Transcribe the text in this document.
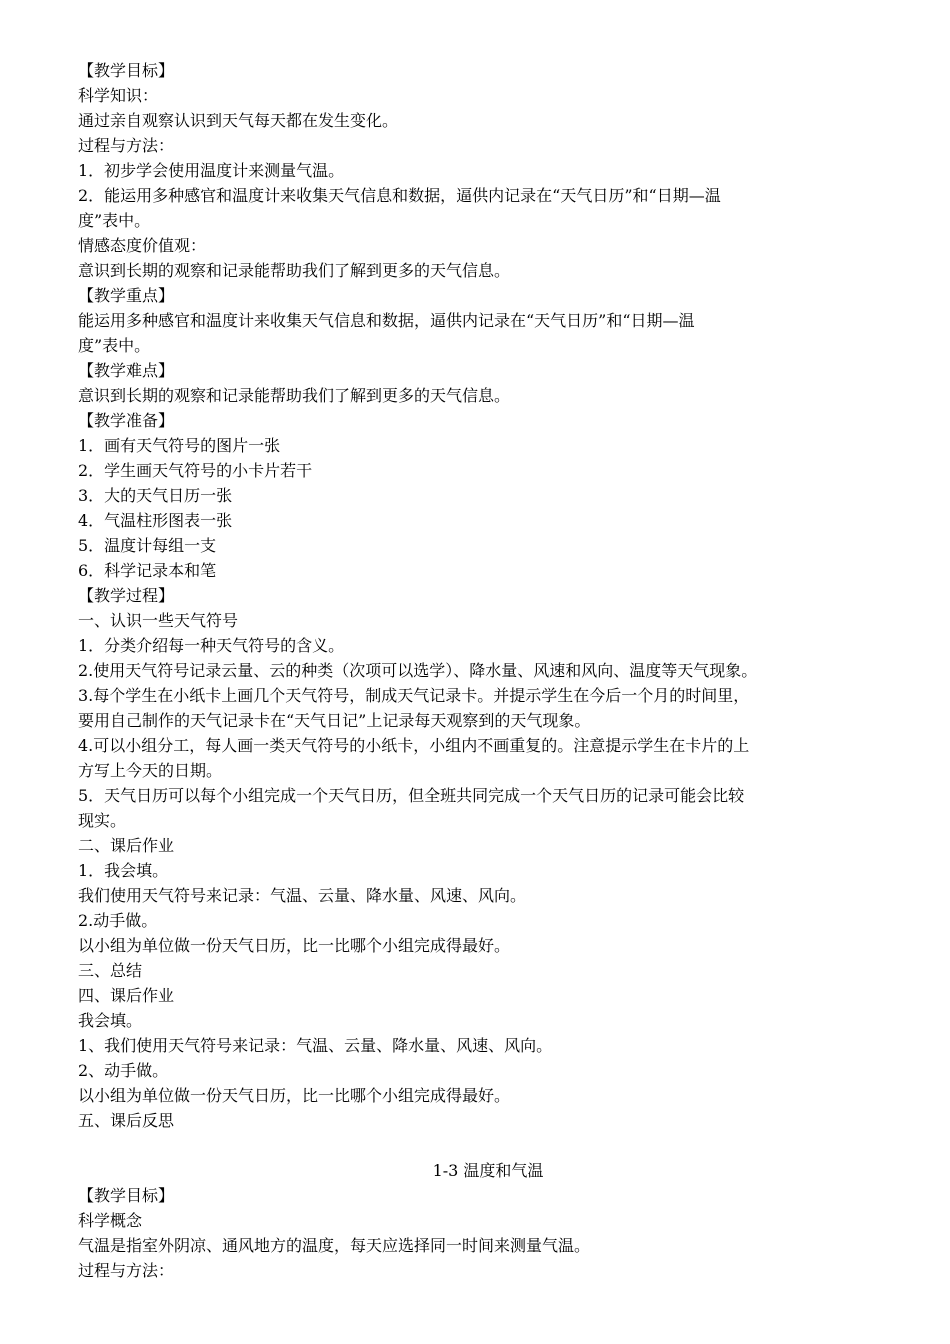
【教学目标】
科学知识：
通过亲自观察认识到天气每天都在发生变化。
过程与方法：
1．初步学会使用温度计来测量气温。
2．能运用多种感官和温度计来收集天气信息和数据，逼供内记录在“天气日历”和“日期—温
度”表中。
情感态度价值观：
意识到长期的观察和记录能帮助我们了解到更多的天气信息。
【教学重点】
能运用多种感官和温度计来收集天气信息和数据，逼供内记录在“天气日历”和“日期—温
度”表中。
【教学难点】
意识到长期的观察和记录能帮助我们了解到更多的天气信息。
【教学准备】
1．画有天气符号的图片一张
2．学生画天气符号的小卡片若干
3．大的天气日历一张
4．气温柱形图表一张
5．温度计每组一支
6．科学记录本和笔
【教学过程】
一、认识一些天气符号
1．分类介绍每一种天气符号的含义。
2.使用天气符号记录云量、云的种类（次项可以选学）、降水量、风速和风向、温度等天气现象。
3.每个学生在小纸卡上画几个天气符号，制成天气记录卡。并提示学生在今后一个月的时间里，
要用自己制作的天气记录卡在“天气日记”上记录每天观察到的天气现象。
4.可以小组分工，每人画一类天气符号的小纸卡，小组内不画重复的。注意提示学生在卡片的上
方写上今天的日期。
5．天气日历可以每个小组完成一个天气日历，但全班共同完成一个天气日历的记录可能会比较
现实。
二、课后作业
1．我会填。
我们使用天气符号来记录：气温、云量、降水量、风速、风向。
2.动手做。
以小组为单位做一份天气日历，比一比哪个小组完成得最好。
三、总结
四、课后作业
我会填。
1、我们使用天气符号来记录：气温、云量、降水量、风速、风向。
2、动手做。
以小组为单位做一份天气日历，比一比哪个小组完成得最好。
五、课后反思
1-3 温度和气温
【教学目标】
科学概念
气温是指室外阴凉、通风地方的温度，每天应选择同一时间来测量气温。
过程与方法：
